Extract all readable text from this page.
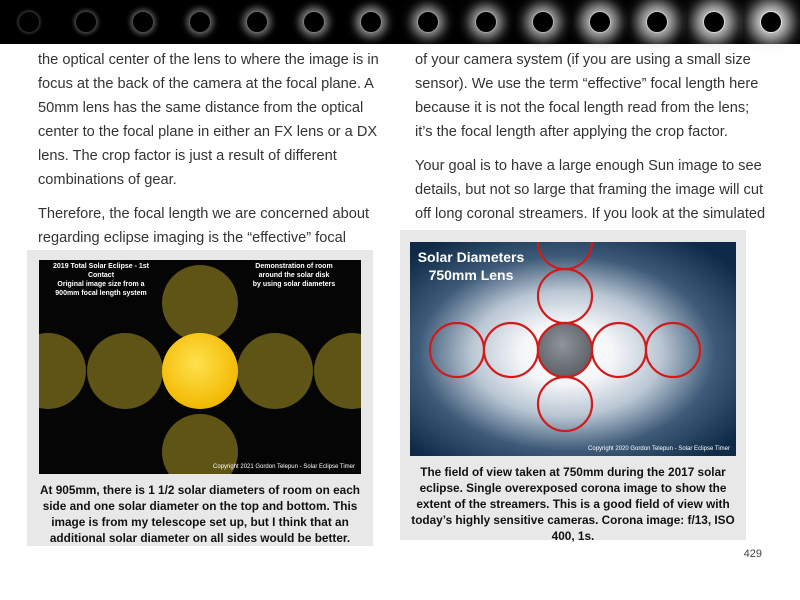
the optical center of the lens to where the image is in focus at the back of the camera at the focal plane. A 50mm lens has the same distance from the optical center to the focal plane in either an FX lens or a DX lens. The crop factor is just a result of different combinations of gear.

Therefore, the focal length we are concerned about regarding eclipse imaging is the “effective” focal

of your camera system (if you are using a small size sensor). We use the term “effective” focal length here because it is not the focal length read from the lens; it’s the focal length after applying the crop factor.

Your goal is to have a large enough Sun image to see details, but not so large that framing the image will cut off long coronal streamers. If you look at the simulated

2019 Total Solar Eclipse - 1st Contact
Original image size from a
900mm focal length system
Demonstration of room
around the solar disk
by using solar diameters
Copyright 2021 Gordon Telepun - Solar Eclipse Timer
At 905mm, there is 1 1/2 solar diameters of room on each side and one solar diameter on the top and bottom. This image is from my telescope set up, but I think that an additional solar diameter on all sides would be better.
Solar Diameters
750mm Lens
Copyright 2020 Gordon Telepun - Solar Eclipse Timer
The field of view taken at 750mm during the 2017 solar eclipse. Single overexposed corona image to show the extent of the streamers. This is a good field of view with today’s highly sensitive cameras. Corona image: f/13, ISO 400, 1s.
429
